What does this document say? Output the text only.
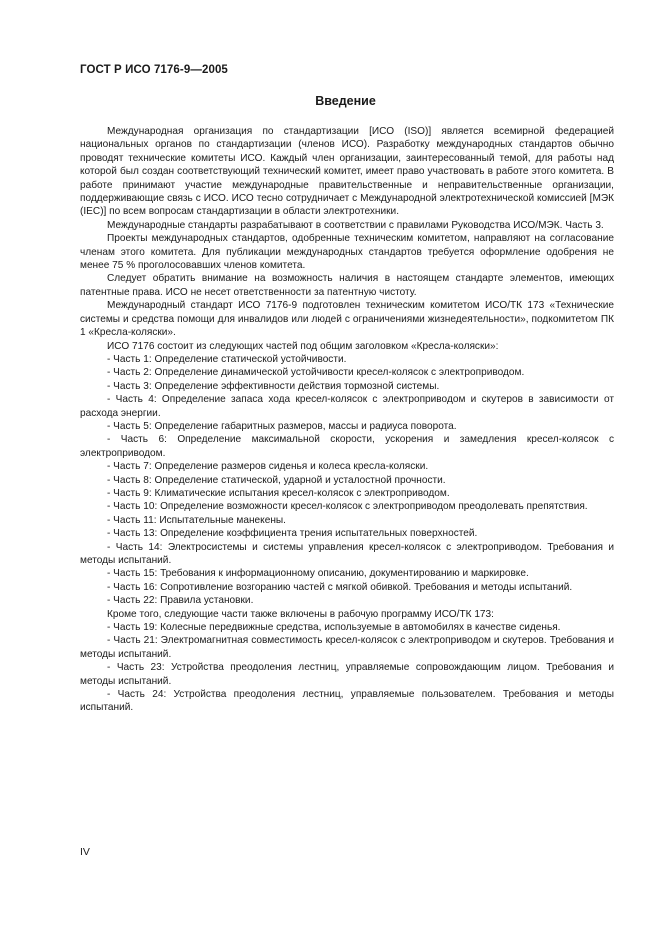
ГОСТ Р ИСО 7176-9—2005
Введение

Международная организация по стандартизации [ИСО (ISO)] является всемирной федерацией национальных органов по стандартизации (членов ИСО). Разработку международных стандартов обычно проводят технические комитеты ИСО. Каждый член организации, заинтересованный темой, для работы над которой был создан соответствующий технический комитет, имеет право участвовать в работе этого комитета. В работе принимают участие международные правительственные и неправительственные организации, поддерживающие связь с ИСО. ИСО тесно сотрудничает с Международной электротехнической комиссией [МЭК (IEC)] по всем вопросам стандартизации в области электротехники.

Международные стандарты разрабатывают в соответствии с правилами Руководства ИСО/МЭК. Часть 3.

Проекты международных стандартов, одобренные техническим комитетом, направляют на согласование членам этого комитета. Для публикации международных стандартов требуется оформление одобрения не менее 75 % проголосовавших членов комитета.

Следует обратить внимание на возможность наличия в настоящем стандарте элементов, имеющих патентные права. ИСО не несет ответственности за патентную чистоту.

Международный стандарт ИСО 7176-9 подготовлен техническим комитетом ИСО/ТК 173 «Технические системы и средства помощи для инвалидов или людей с ограничениями жизнедеятельности», подкомитетом ПК 1 «Кресла-коляски».

ИСО 7176 состоит из следующих частей под общим заголовком «Кресла-коляски»:

- Часть 1: Определение статической устойчивости.

- Часть 2: Определение динамической устойчивости кресел-колясок с электроприводом.

- Часть 3: Определение эффективности действия тормозной системы.

- Часть 4: Определение запаса хода кресел-колясок с электроприводом и скутеров в зависимости от расхода энергии.

- Часть 5: Определение габаритных размеров, массы и радиуса поворота.

- Часть 6: Определение максимальной скорости, ускорения и замедления кресел-колясок с электроприводом.

- Часть 7: Определение размеров сиденья и колеса кресла-коляски.

- Часть 8: Определение статической, ударной и усталостной прочности.

- Часть 9: Климатические испытания кресел-колясок с электроприводом.

- Часть 10: Определение возможности кресел-колясок с электроприводом преодолевать препятствия.

- Часть 11: Испытательные манекены.

- Часть 13: Определение коэффициента трения испытательных поверхностей.

- Часть 14: Электросистемы и системы управления кресел-колясок с электроприводом. Требования и методы испытаний.

- Часть 15: Требования к информационному описанию, документированию и маркировке.

- Часть 16: Сопротивление возгоранию частей с мягкой обивкой. Требования и методы испытаний.

- Часть 22: Правила установки.

Кроме того, следующие части также включены в рабочую программу ИСО/ТК 173:

- Часть 19: Колесные передвижные средства, используемые в автомобилях в качестве сиденья.

- Часть 21: Электромагнитная совместимость кресел-колясок с электроприводом и скутеров. Требования и методы испытаний.

- Часть 23: Устройства преодоления лестниц, управляемые сопровождающим лицом. Требования и методы испытаний.

- Часть 24: Устройства преодоления лестниц, управляемые пользователем. Требования и методы испытаний.

IV
